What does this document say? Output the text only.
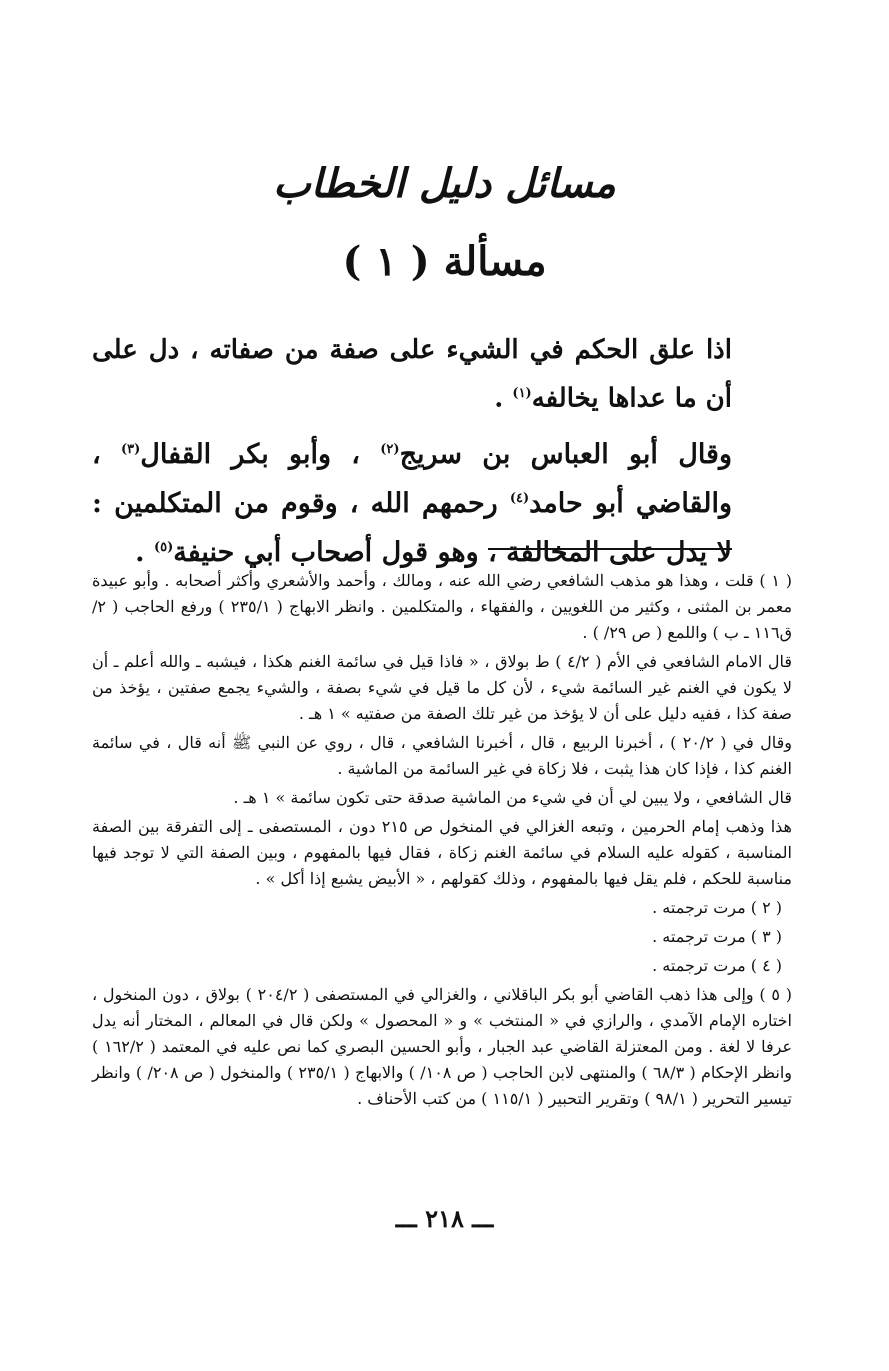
مسائل دليل الخطاب
مسألة ( ١ )
اذا علق الحكم في الشيء على صفة من صفاته ، دل على أن ما عداها يخالفه$^{(١)}$ .
وقال أبو العباس بن سريج$^{(٢)}$ ، وأبو بكر القفال$^{(٣)}$ ، والقاضي أبو حامد$^{(٤)}$ رحمهم الله ، وقوم من المتكلمين : لا يدل على المخالفة ، وهو قول أصحاب أبي حنيفة$^{(٥)}$ .

( ١ ) قلت ، وهذا هو مذهب الشافعي رضي الله عنه ، ومالك ، وأحمد والأشعري وأكثر أصحابه . وأبو عبيدة معمر بن المثنى ، وكثير من اللغويين ، والفقهاء ، والمتكلمين . وانظر الابهاج ( ٢٣٥/١ ) ورفع الحاجب ( ٢/ ق١١٦ ـ ب ) واللمع ( ص ٢٩/ ) .

قال الامام الشافعي في الأم ( ٤/٢ ) ط بولاق ، « فاذا قيل في سائمة الغنم هكذا ، فيشبه ـ والله أعلم ـ أن لا يكون في الغنم غير السائمة شيء ، لأن كل ما قيل في شيء بصفة ، والشيء يجمع صفتين ، يؤخذ من صفة كذا ، ففيه دليل على أن لا يؤخذ من غير تلك الصفة من صفتيه » ١ هـ .

وقال في ( ٢٠/٢ ) ، أخبرنا الربيع ، قال ، أخبرنا الشافعي ، قال ، روي عن النبي ﷺ أنه قال ، في سائمة الغنم كذا ، فإذا كان هذا يثبت ، فلا زكاة في غير السائمة من الماشية .

قال الشافعي ، ولا يبين لي أن في شيء من الماشية صدقة حتى تكون سائمة » ١ هـ .

هذا وذهب إمام الحرمين ، وتبعه الغزالي في المنخول ص ٢١٥ دون ، المستصفى ـ إلى التفرقة بين الصفة المناسبة ، كقوله عليه السلام في سائمة الغنم زكاة ، فقال فيها بالمفهوم ، وبين الصفة التي لا توجد فيها مناسبة للحكم ، فلم يقل فيها بالمفهوم ، وذلك كقولهم ، « الأبيض يشبع إذا أكل » .

( ٢ ) مرت ترجمته .

( ٣ ) مرت ترجمته .

( ٤ ) مرت ترجمته .

( ٥ ) وإلى هذا ذهب القاضي أبو بكر الباقلاني ، والغزالي في المستصفى ( ٢٠٤/٢ ) بولاق ، دون المنخول ، اختاره الإمام الآمدي ، والرازي في « المنتخب » و « المحصول » ولكن قال في المعالم ، المختار أنه يدل عرفا لا لغة . ومن المعتزلة القاضي عبد الجبار ، وأبو الحسين البصري كما نص عليه في المعتمد ( ١٦٢/٢ ) وانظر الإحكام ( ٦٨/٣ ) والمنتهى لابن الحاجب ( ص ١٠٨/ ) والابهاج ( ٢٣٥/١ ) والمنخول ( ص ٢٠٨/ ) وانظر تيسير التحرير ( ٩٨/١ ) وتقرير التحبير ( ١١٥/١ ) من كتب الأحناف .

ـــ ٢١٨ ـــ
